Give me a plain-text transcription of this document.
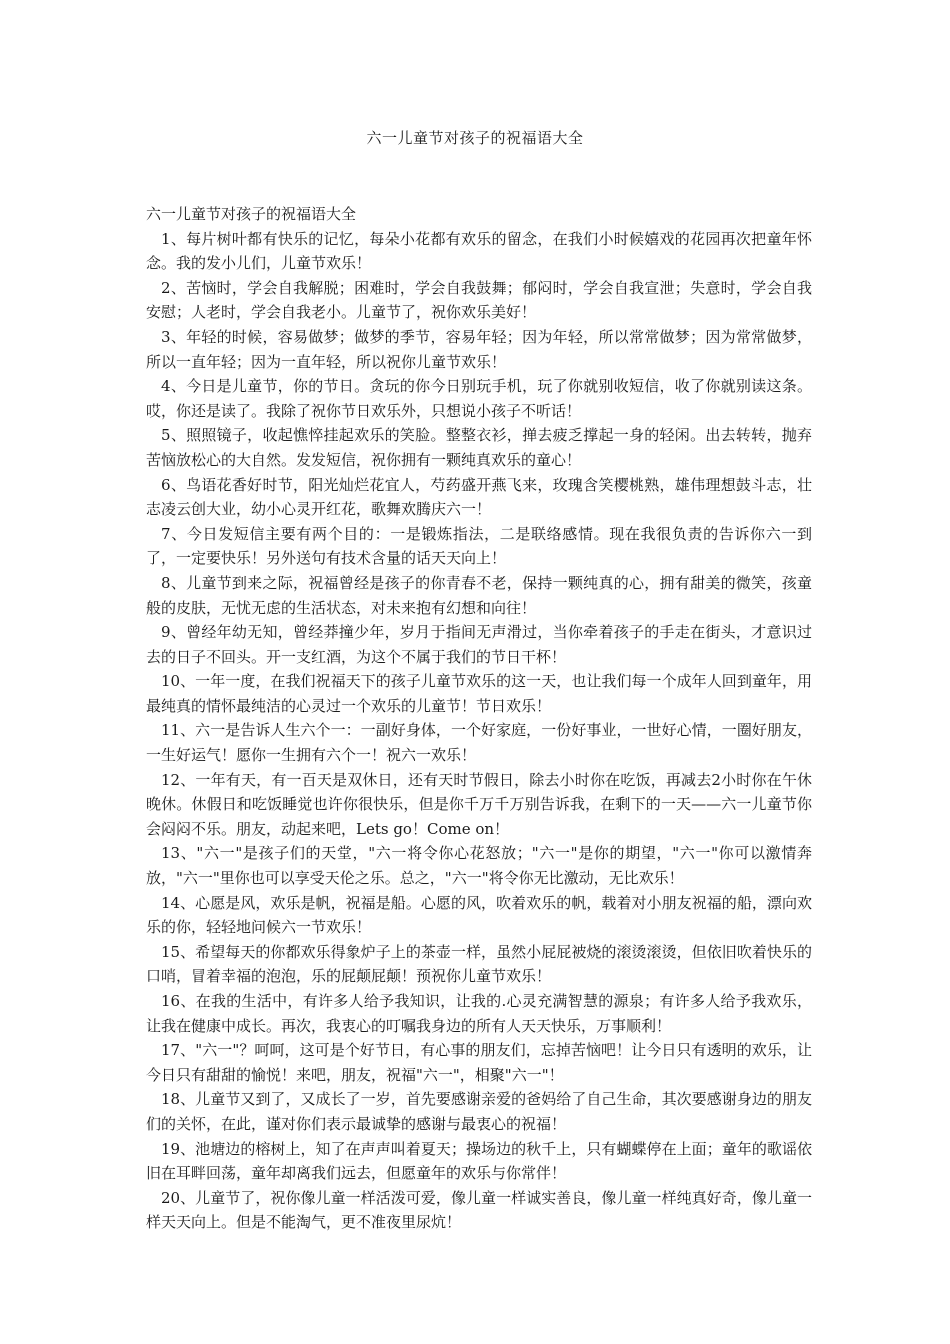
六一儿童节对孩子的祝福语大全

六一儿童节对孩子的祝福语大全

1、每片树叶都有快乐的记忆，每朵小花都有欢乐的留念，在我们小时候嬉戏的花园再次把童年怀念。我的发小儿们，儿童节欢乐！

2、苦恼时，学会自我解脱；困难时，学会自我鼓舞；郁闷时，学会自我宣泄；失意时，学会自我安慰；人老时，学会自我老小。儿童节了，祝你欢乐美好！

3、年轻的时候，容易做梦；做梦的季节，容易年轻；因为年轻，所以常常做梦；因为常常做梦，所以一直年轻；因为一直年轻，所以祝你儿童节欢乐！

4、今日是儿童节，你的节日。贪玩的你今日别玩手机，玩了你就别收短信，收了你就别读这条。哎，你还是读了。我除了祝你节日欢乐外，只想说小孩子不听话！

5、照照镜子，收起憔悴挂起欢乐的笑脸。整整衣衫，掸去疲乏撑起一身的轻闲。出去转转，抛弃苦恼放松心的大自然。发发短信，祝你拥有一颗纯真欢乐的童心！

6、鸟语花香好时节，阳光灿烂花宜人，芍药盛开燕飞来，玫瑰含笑樱桃熟，雄伟理想鼓斗志，壮志凌云创大业，幼小心灵开红花，歌舞欢腾庆六一！

7、今日发短信主要有两个目的：一是锻炼指法，二是联络感情。现在我很负责的告诉你六一到了，一定要快乐！另外送句有技术含量的话天天向上！

8、儿童节到来之际，祝福曾经是孩子的你青春不老，保持一颗纯真的心，拥有甜美的微笑，孩童般的皮肤，无忧无虑的生活状态，对未来抱有幻想和向往！

9、曾经年幼无知，曾经莽撞少年，岁月于指间无声滑过，当你牵着孩子的手走在街头，才意识过去的日子不回头。开一支红酒，为这个不属于我们的节日干杯！

10、一年一度，在我们祝福天下的孩子儿童节欢乐的这一天，也让我们每一个成年人回到童年，用最纯真的情怀最纯洁的心灵过一个欢乐的儿童节！节日欢乐！

11、六一是告诉人生六个一：一副好身体，一个好家庭，一份好事业，一世好心情，一圈好朋友，一生好运气！愿你一生拥有六个一！祝六一欢乐！

12、一年有天，有一百天是双休日，还有天时节假日，除去小时你在吃饭，再减去2小时你在午休晚休。休假日和吃饭睡觉也许你很快乐，但是你千万千万别告诉我，在剩下的一天——六一儿童节你会闷闷不乐。朋友，动起来吧，Lets go！Come on！

13、"六一"是孩子们的天堂，"六一将令你心花怒放；"六一"是你的期望，"六一"你可以激情奔放，"六一"里你也可以享受天伦之乐。总之，"六一"将令你无比激动，无比欢乐！

14、心愿是风，欢乐是帆，祝福是船。心愿的风，吹着欢乐的帆，载着对小朋友祝福的船，漂向欢乐的你，轻轻地问候六一节欢乐！

15、希望每天的你都欢乐得象炉子上的茶壶一样，虽然小屁屁被烧的滚烫滚烫，但依旧吹着快乐的口哨，冒着幸福的泡泡，乐的屁颠屁颠！预祝你儿童节欢乐！

16、在我的生活中，有许多人给予我知识，让我的.心灵充满智慧的源泉；有许多人给予我欢乐，让我在健康中成长。再次，我衷心的叮嘱我身边的所有人天天快乐，万事顺利！

17、"六一"？呵呵，这可是个好节日，有心事的朋友们，忘掉苦恼吧！让今日只有透明的欢乐，让今日只有甜甜的愉悦！来吧，朋友，祝福"六一"，相聚"六一"！

18、儿童节又到了，又成长了一岁，首先要感谢亲爱的爸妈给了自己生命，其次要感谢身边的朋友们的关怀，在此，谨对你们表示最诚挚的感谢与最衷心的祝福！

19、池塘边的榕树上，知了在声声叫着夏天；操场边的秋千上，只有蝴蝶停在上面；童年的歌谣依旧在耳畔回荡，童年却离我们远去，但愿童年的欢乐与你常伴！

20、儿童节了，祝你像儿童一样活泼可爱，像儿童一样诚实善良，像儿童一样纯真好奇，像儿童一样天天向上。但是不能淘气，更不准夜里尿炕！
